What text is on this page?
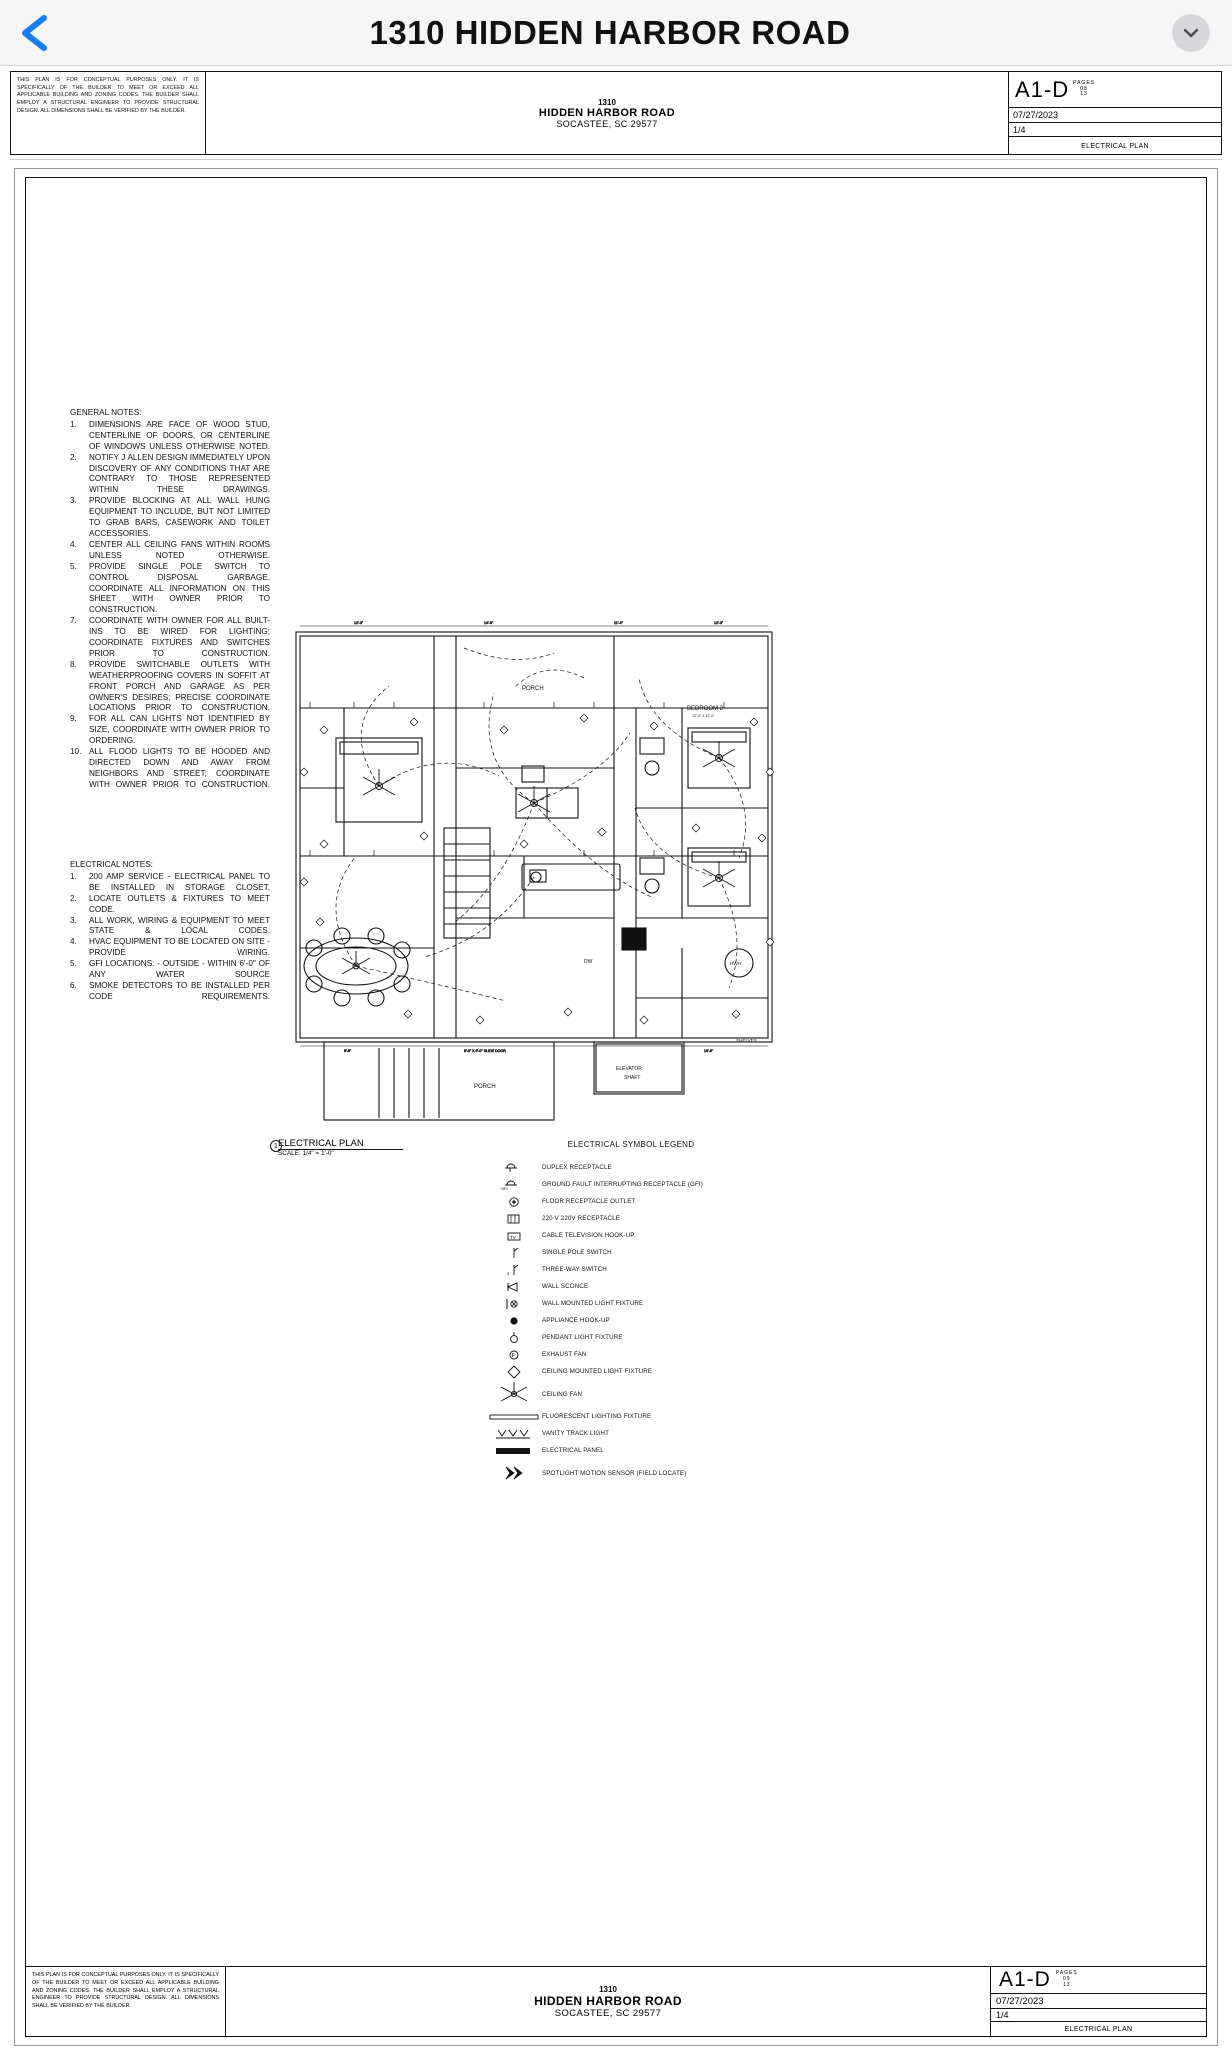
1310 HIDDEN HARBOR ROAD
THIS PLAN IS FOR CONCEPTUAL PURPOSES ONLY. IT IS SPECIFICALLY OF THE BUILDER TO MEET OR EXCEED ALL APPLICABLE BUILDING AND ZONING CODES. THE BUILDER SHALL EMPLOY A STRUCTURAL ENGINEER TO PROVIDE STRUCTURAL DESIGN. ALL DIMENSIONS SHALL BE VERIFIED BY THE BUILDER.
1310
HIDDEN HARBOR ROAD
SOCASTEE, SC 29577
A1-D PAGES
08
13
07/27/2023
1/4
ELECTRICAL PLAN
GENERAL NOTES:
1.	DIMENSIONS ARE FACE OF WOOD STUD, CENTERLINE OF DOORS, OR CENTERLINE OF WINDOWS UNLESS OTHERWISE NOTED.
2.	NOTIFY J ALLEN DESIGN IMMEDIATELY UPON DISCOVERY OF ANY CONDITIONS THAT ARE CONTRARY TO THOSE REPRESENTED WITHIN THESE DRAWINGS.
3.	PROVIDE BLOCKING AT ALL WALL HUNG EQUIPMENT TO INCLUDE, BUT NOT LIMITED TO GRAB BARS, CASEWORK AND TOILET ACCESSORIES.
4.	CENTER ALL CEILING FANS WITHIN ROOMS UNLESS NOTED OTHERWISE.
5.	PROVIDE SINGLE POLE SWITCH TO CONTROL DISPOSAL GARBAGE. COORDINATE ALL INFORMATION ON THIS SHEET WITH OWNER PRIOR TO CONSTRUCTION.
7.	COORDINATE WITH OWNER FOR ALL BUILT- INS TO BE WIRED FOR LIGHTING; COORDINATE FIXTURES AND SWITCHES PRIOR TO CONSTRUCTION.
8.	PROVIDE SWITCHABLE OUTLETS WITH WEATHERPROOFING COVERS IN SOFFIT AT FRONT PORCH AND GARAGE AS PER OWNER'S DESIRES; PRECISE COORDINATE LOCATIONS PRIOR TO CONSTRUCTION.
9.	FOR ALL CAN LIGHTS NOT IDENTIFIED BY SIZE, COORDINATE WITH OWNER PRIOR TO ORDERING.
10. ALL FLOOD LIGHTS TO BE HOODED AND DIRECTED DOWN AND AWAY FROM NEIGHBORS AND STREET; COORDINATE WITH OWNER PRIOR TO CONSTRUCTION.
ELECTRICAL NOTES:
1.	200 AMP SERVICE - ELECTRICAL PANEL TO BE INSTALLED IN STORAGE CLOSET.
2.	LOCATE OUTLETS & FIXTURES TO MEET CODE.
3.	ALL WORK, WIRING & EQUIPMENT TO MEET STATE & LOCAL CODES.
4.	HVAC EQUIPMENT TO BE LOCATED ON SITE - PROVIDE WIRING.
5.	GFI LOCATIONS: - OUTSIDE - WITHIN 6'-0" OF ANY WATER SOURCE
6.	SMOKE DETECTORS TO BE INSTALLED PER CODE REQUIREMENTS.
12'-0"	14'-6"	11'-4"	12'-0"
9'-8"	6'-0" X 6'-0" SLIDE DOOR	10'-6"
PORCH
BEDROOM 2
12'-0" X 12'-0"
DW	HWH
SHELVES
PORCH
ELEVATOR
SHAFT
1 ELECTRICAL PLAN
SCALE: 1/4" = 1'-0"
ELECTRICAL SYMBOL LEGEND
DUPLEX RECEPTACLE
GFI	GROUND FAULT INTERRUPTING RECEPTACLE (GFI)
FLOOR RECEPTACLE OUTLET
220 V 220V RECEPTACLE
TV	CABLE TELEVISION HOOK-UP
SINGLE POLE SWITCH
3	THREE-WAY SWITCH
WALL SCONCE
WALL MOUNTED LIGHT FIXTURE
APPLIANCE HOOK-UP
PENDANT LIGHT FIXTURE
F	EXHAUST FAN
CEILING MOUNTED LIGHT FIXTURE
CEILING FAN
FLUORESCENT LIGHTING FIXTURE
VANITY TRACK LIGHT
ELECTRICAL PANEL
SPOTLIGHT MOTION SENSOR (FIELD LOCATE)
THIS PLAN IS FOR CONCEPTUAL PURPOSES ONLY. IT IS SPECIFICALLY OF THE BUILDER TO MEET OR EXCEED ALL APPLICABLE BUILDING AND ZONING CODES. THE BUILDER SHALL EMPLOY A STRUCTURAL ENGINEER TO PROVIDE STRUCTURAL DESIGN. ALL DIMENSIONS SHALL BE VERIFIED BY THE BUILDER.
1310
HIDDEN HARBOR ROAD
SOCASTEE, SC 29577
A1-D PAGES
09
13
07/27/2023
1/4
ELECTRICAL PLAN
